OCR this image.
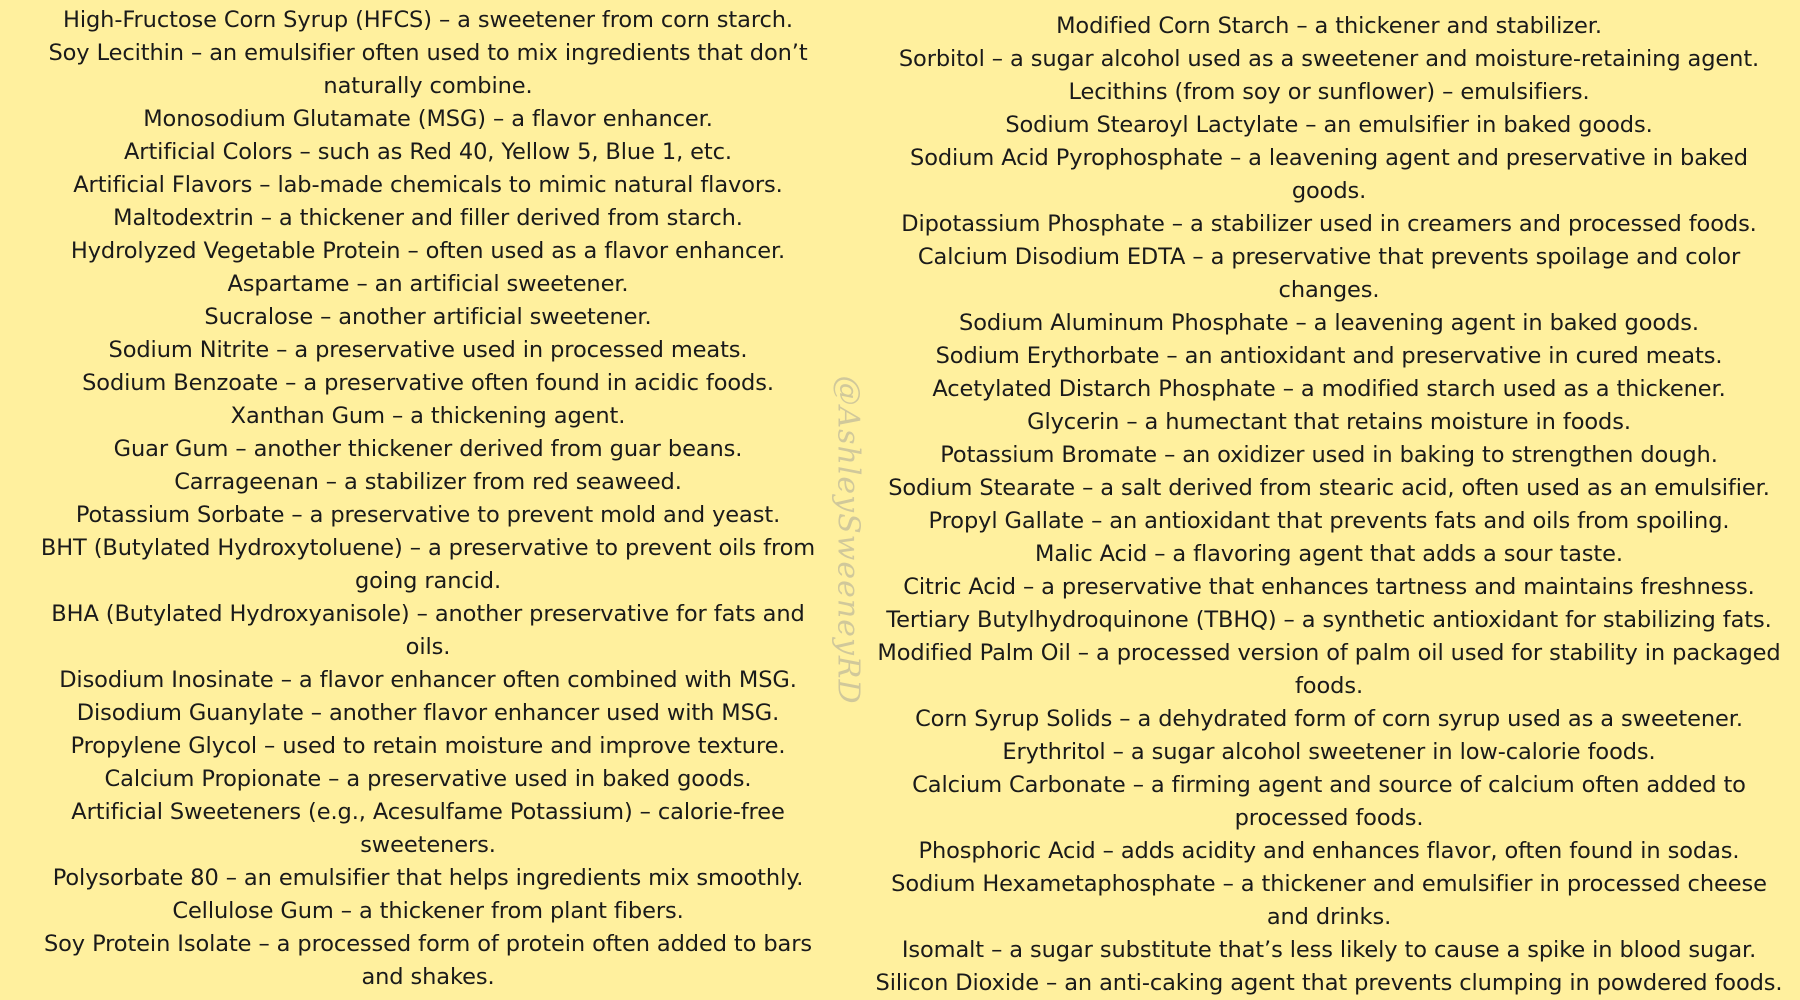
High-Fructose Corn Syrup (HFCS) – a sweetener from corn starch.
Soy Lecithin – an emulsifier often used to mix ingredients that don’t naturally combine.
Monosodium Glutamate (MSG) – a flavor enhancer.
Artificial Colors – such as Red 40, Yellow 5, Blue 1, etc.
Artificial Flavors – lab-made chemicals to mimic natural flavors.
Maltodextrin – a thickener and filler derived from starch.
Hydrolyzed Vegetable Protein – often used as a flavor enhancer.
Aspartame – an artificial sweetener.
Sucralose – another artificial sweetener.
Sodium Nitrite – a preservative used in processed meats.
Sodium Benzoate – a preservative often found in acidic foods.
Xanthan Gum – a thickening agent.
Guar Gum – another thickener derived from guar beans.
Carrageenan – a stabilizer from red seaweed.
Potassium Sorbate – a preservative to prevent mold and yeast.
BHT (Butylated Hydroxytoluene) – a preservative to prevent oils from going rancid.
BHA (Butylated Hydroxyanisole) – another preservative for fats and oils.
Disodium Inosinate – a flavor enhancer often combined with MSG.
Disodium Guanylate – another flavor enhancer used with MSG.
Propylene Glycol – used to retain moisture and improve texture.
Calcium Propionate – a preservative used in baked goods.
Artificial Sweeteners (e.g., Acesulfame Potassium) – calorie-free sweeteners.
Polysorbate 80 – an emulsifier that helps ingredients mix smoothly.
Cellulose Gum – a thickener from plant fibers.
Soy Protein Isolate – a processed form of protein often added to bars and shakes.
@AshleySweeneyRD
Modified Corn Starch – a thickener and stabilizer.
Sorbitol – a sugar alcohol used as a sweetener and moisture-retaining agent.
Lecithins (from soy or sunflower) – emulsifiers.
Sodium Stearoyl Lactylate – an emulsifier in baked goods.
Sodium Acid Pyrophosphate – a leavening agent and preservative in baked goods.
Dipotassium Phosphate – a stabilizer used in creamers and processed foods.
Calcium Disodium EDTA – a preservative that prevents spoilage and color changes.
Sodium Aluminum Phosphate – a leavening agent in baked goods.
Sodium Erythorbate – an antioxidant and preservative in cured meats.
Acetylated Distarch Phosphate – a modified starch used as a thickener.
Glycerin – a humectant that retains moisture in foods.
Potassium Bromate – an oxidizer used in baking to strengthen dough.
Sodium Stearate – a salt derived from stearic acid, often used as an emulsifier.
Propyl Gallate – an antioxidant that prevents fats and oils from spoiling.
Malic Acid – a flavoring agent that adds a sour taste.
Citric Acid – a preservative that enhances tartness and maintains freshness.
Tertiary Butylhydroquinone (TBHQ) – a synthetic antioxidant for stabilizing fats.
Modified Palm Oil – a processed version of palm oil used for stability in packaged foods.
Corn Syrup Solids – a dehydrated form of corn syrup used as a sweetener.
Erythritol – a sugar alcohol sweetener in low-calorie foods.
Calcium Carbonate – a firming agent and source of calcium often added to processed foods.
Phosphoric Acid – adds acidity and enhances flavor, often found in sodas.
Sodium Hexametaphosphate – a thickener and emulsifier in processed cheese and drinks.
Isomalt – a sugar substitute that’s less likely to cause a spike in blood sugar.
Silicon Dioxide – an anti-caking agent that prevents clumping in powdered foods.
